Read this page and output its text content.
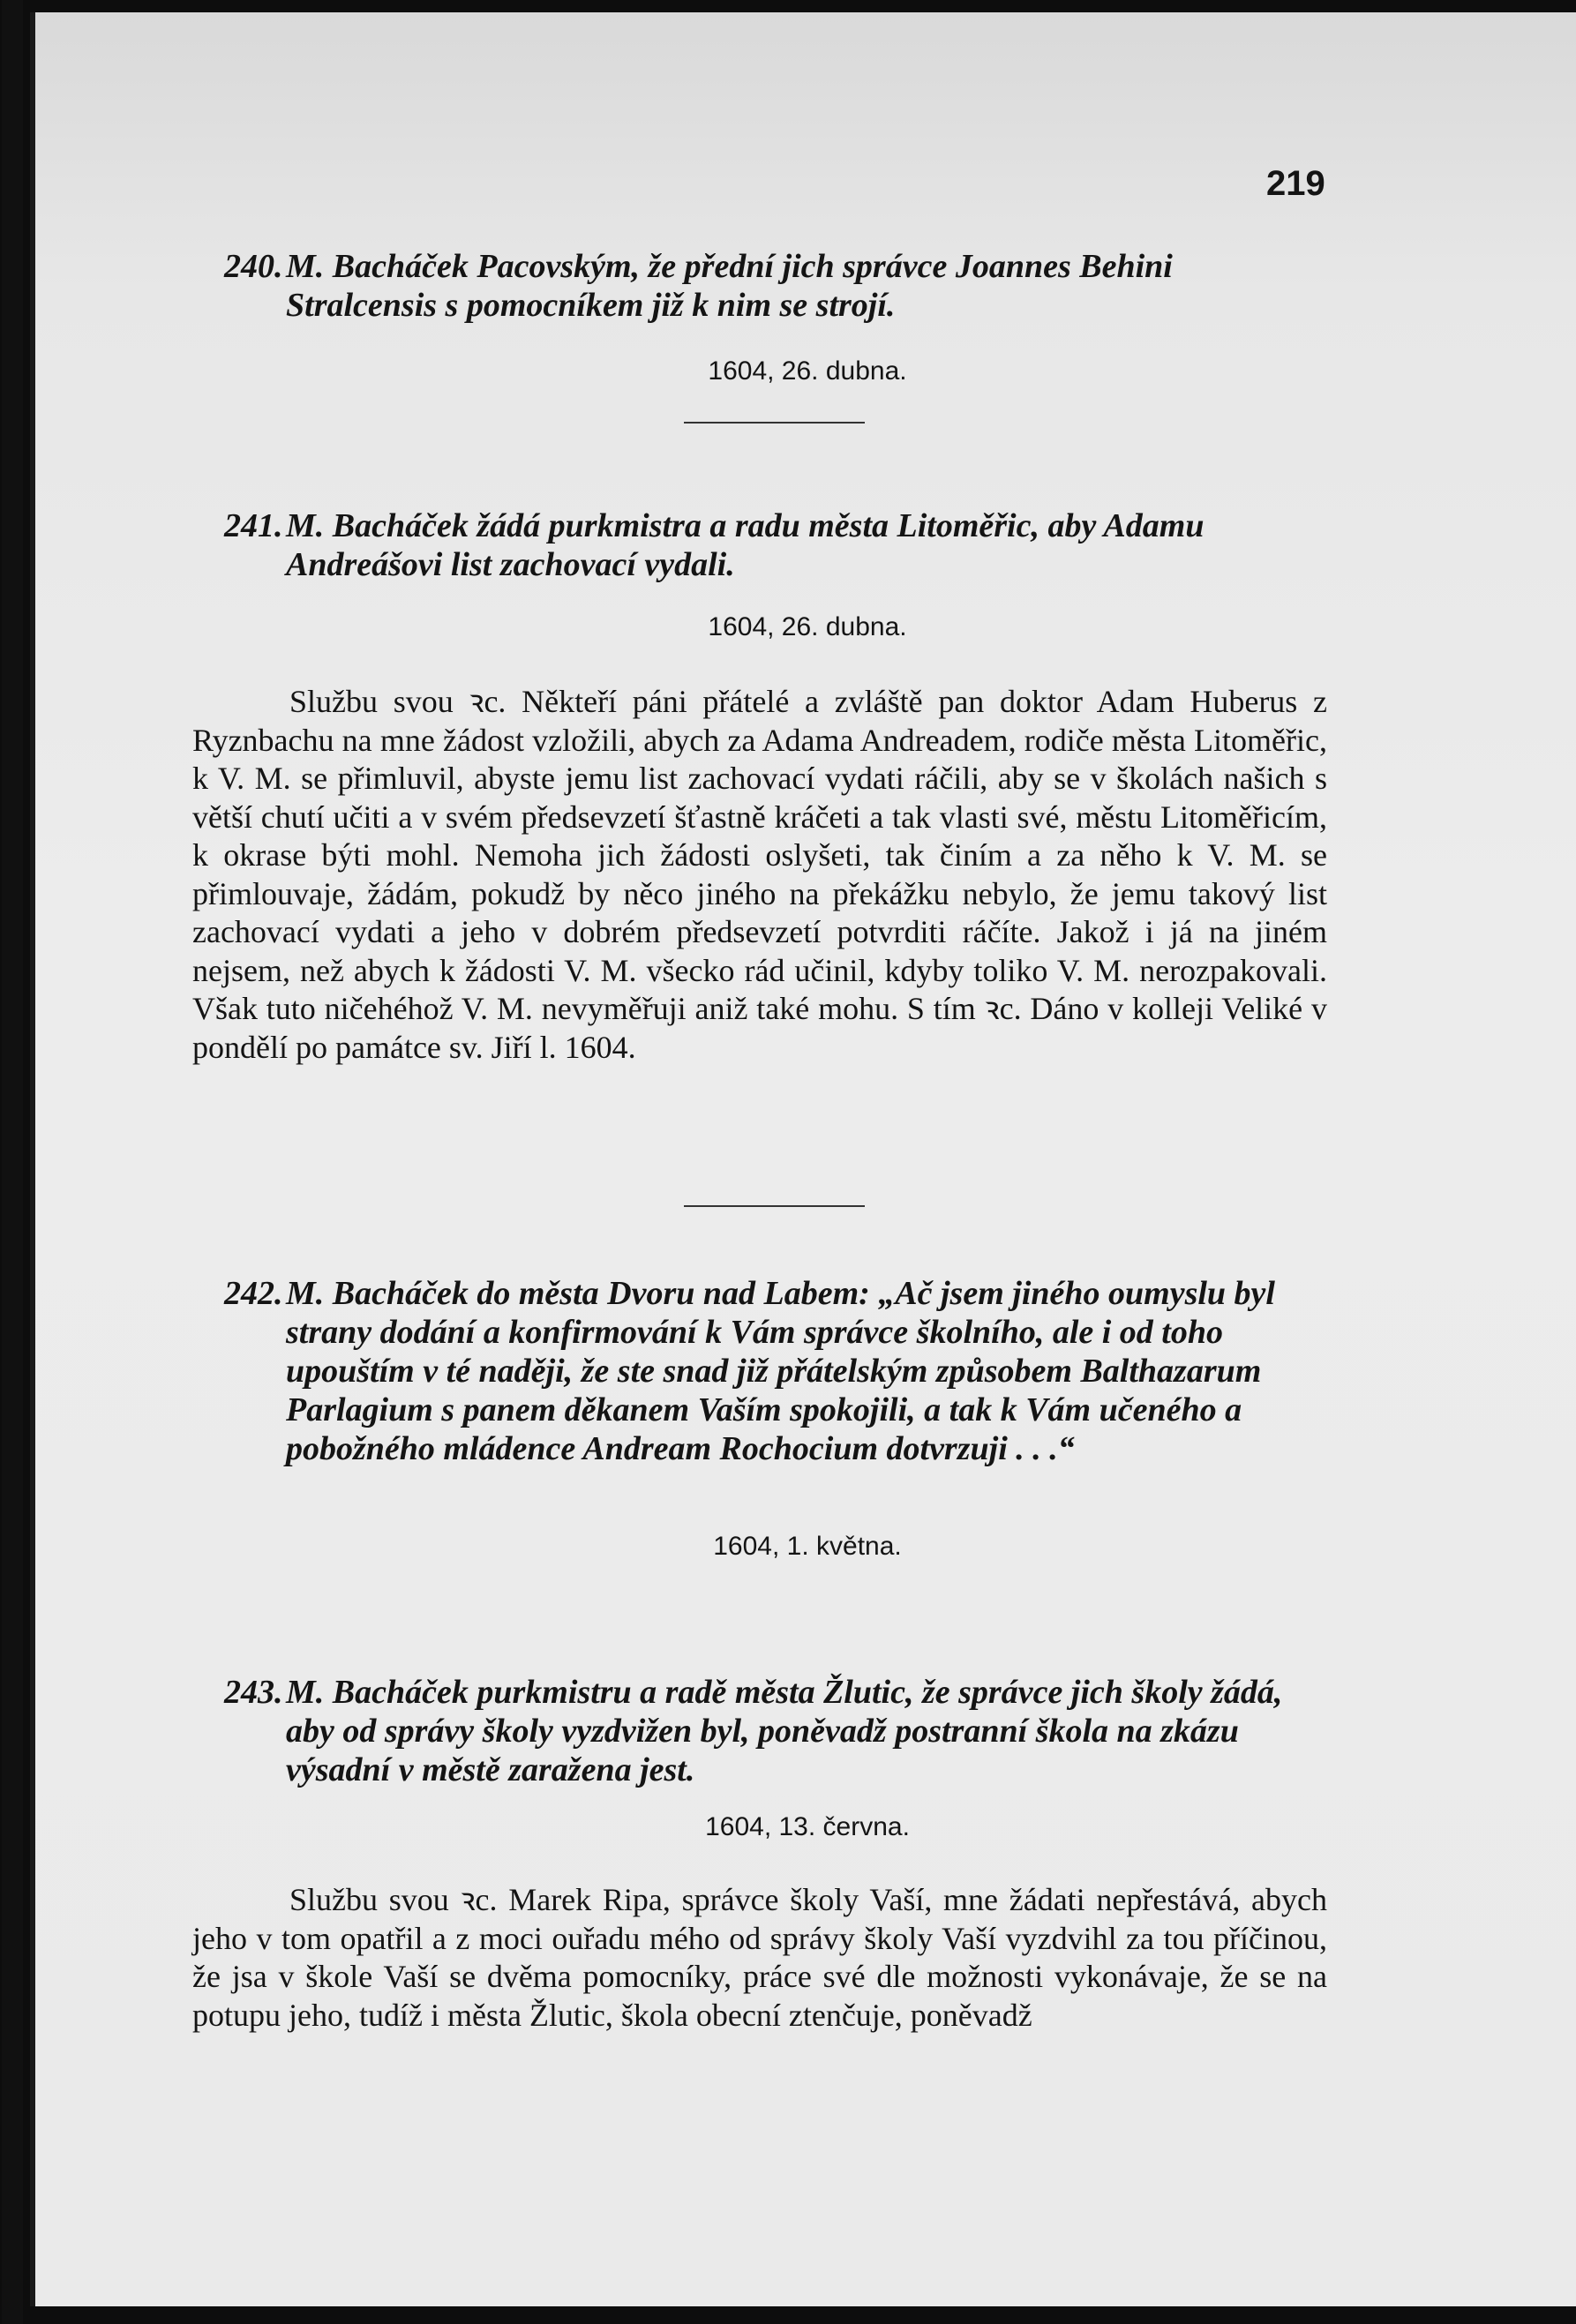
219
240. M. Bacháček Pacovským, že přední jich správce Joannes Behini Stralcensis s pomocníkem již k nim se strojí.
1604, 26. dubna.
241. M. Bacháček žádá purkmistra a radu města Litoměřic, aby Adamu Andreášovi list zachovací vydali.
1604, 26. dubna.
Službu svou ꝛc. Někteří páni přátelé a zvláště pan doktor Adam Huberus z Ryznbachu na mne žádost vzložili, abych za Adama Andreadem, rodiče města Litoměřic, k V. M. se přimluvil, abyste jemu list zachovací vydati ráčili, aby se v školách našich s větší chutí učiti a v svém předsevzetí šťastně kráčeti a tak vlasti své, městu Litoměřicím, k okrase býti mohl. Nemoha jich žádosti oslyšeti, tak činím a za něho k V. M. se přimlouvaje, žádám, pokudž by něco jiného na překážku nebylo, že jemu takový list zachovací vydati a jeho v dobrém předsevzetí potvrditi ráčíte. Jakož i já na jiném nejsem, než abych k žádosti V. M. všecko rád učinil, kdyby toliko V. M. nerozpakovali. Však tuto ničehéhož V. M. nevyměřuji aniž také mohu. S tím ꝛc. Dáno v kolleji Veliké v pondělí po památce sv. Jiří l. 1604.
242. M. Bacháček do města Dvoru nad Labem: „Ač jsem jiného oumyslu byl strany dodání a konfirmování k Vám správce školního, ale i od toho upouštím v té naději, že ste snad již přátelským způsobem Balthazarum Parlagium s panem děkanem Vaším spokojili, a tak k Vám učeného a pobožného mládence Andream Rochocium dotvrzuji . . .“
1604, 1. května.
243. M. Bacháček purkmistru a radě města Žlutic, že správce jich školy žádá, aby od správy školy vyzdvižen byl, poněvadž postranní škola na zkázu výsadní v městě zaražena jest.
1604, 13. června.
Službu svou ꝛc. Marek Ripa, správce školy Vaší, mne žádati nepřestává, abych jeho v tom opatřil a z moci ouřadu mého od správy školy Vaší vyzdvihl za tou příčinou, že jsa v škole Vaší se dvěma pomocníky, práce své dle možnosti vykonávaje, že se na potupu jeho, tudíž i města Žlutic, škola obecní ztenčuje, poněvadž
